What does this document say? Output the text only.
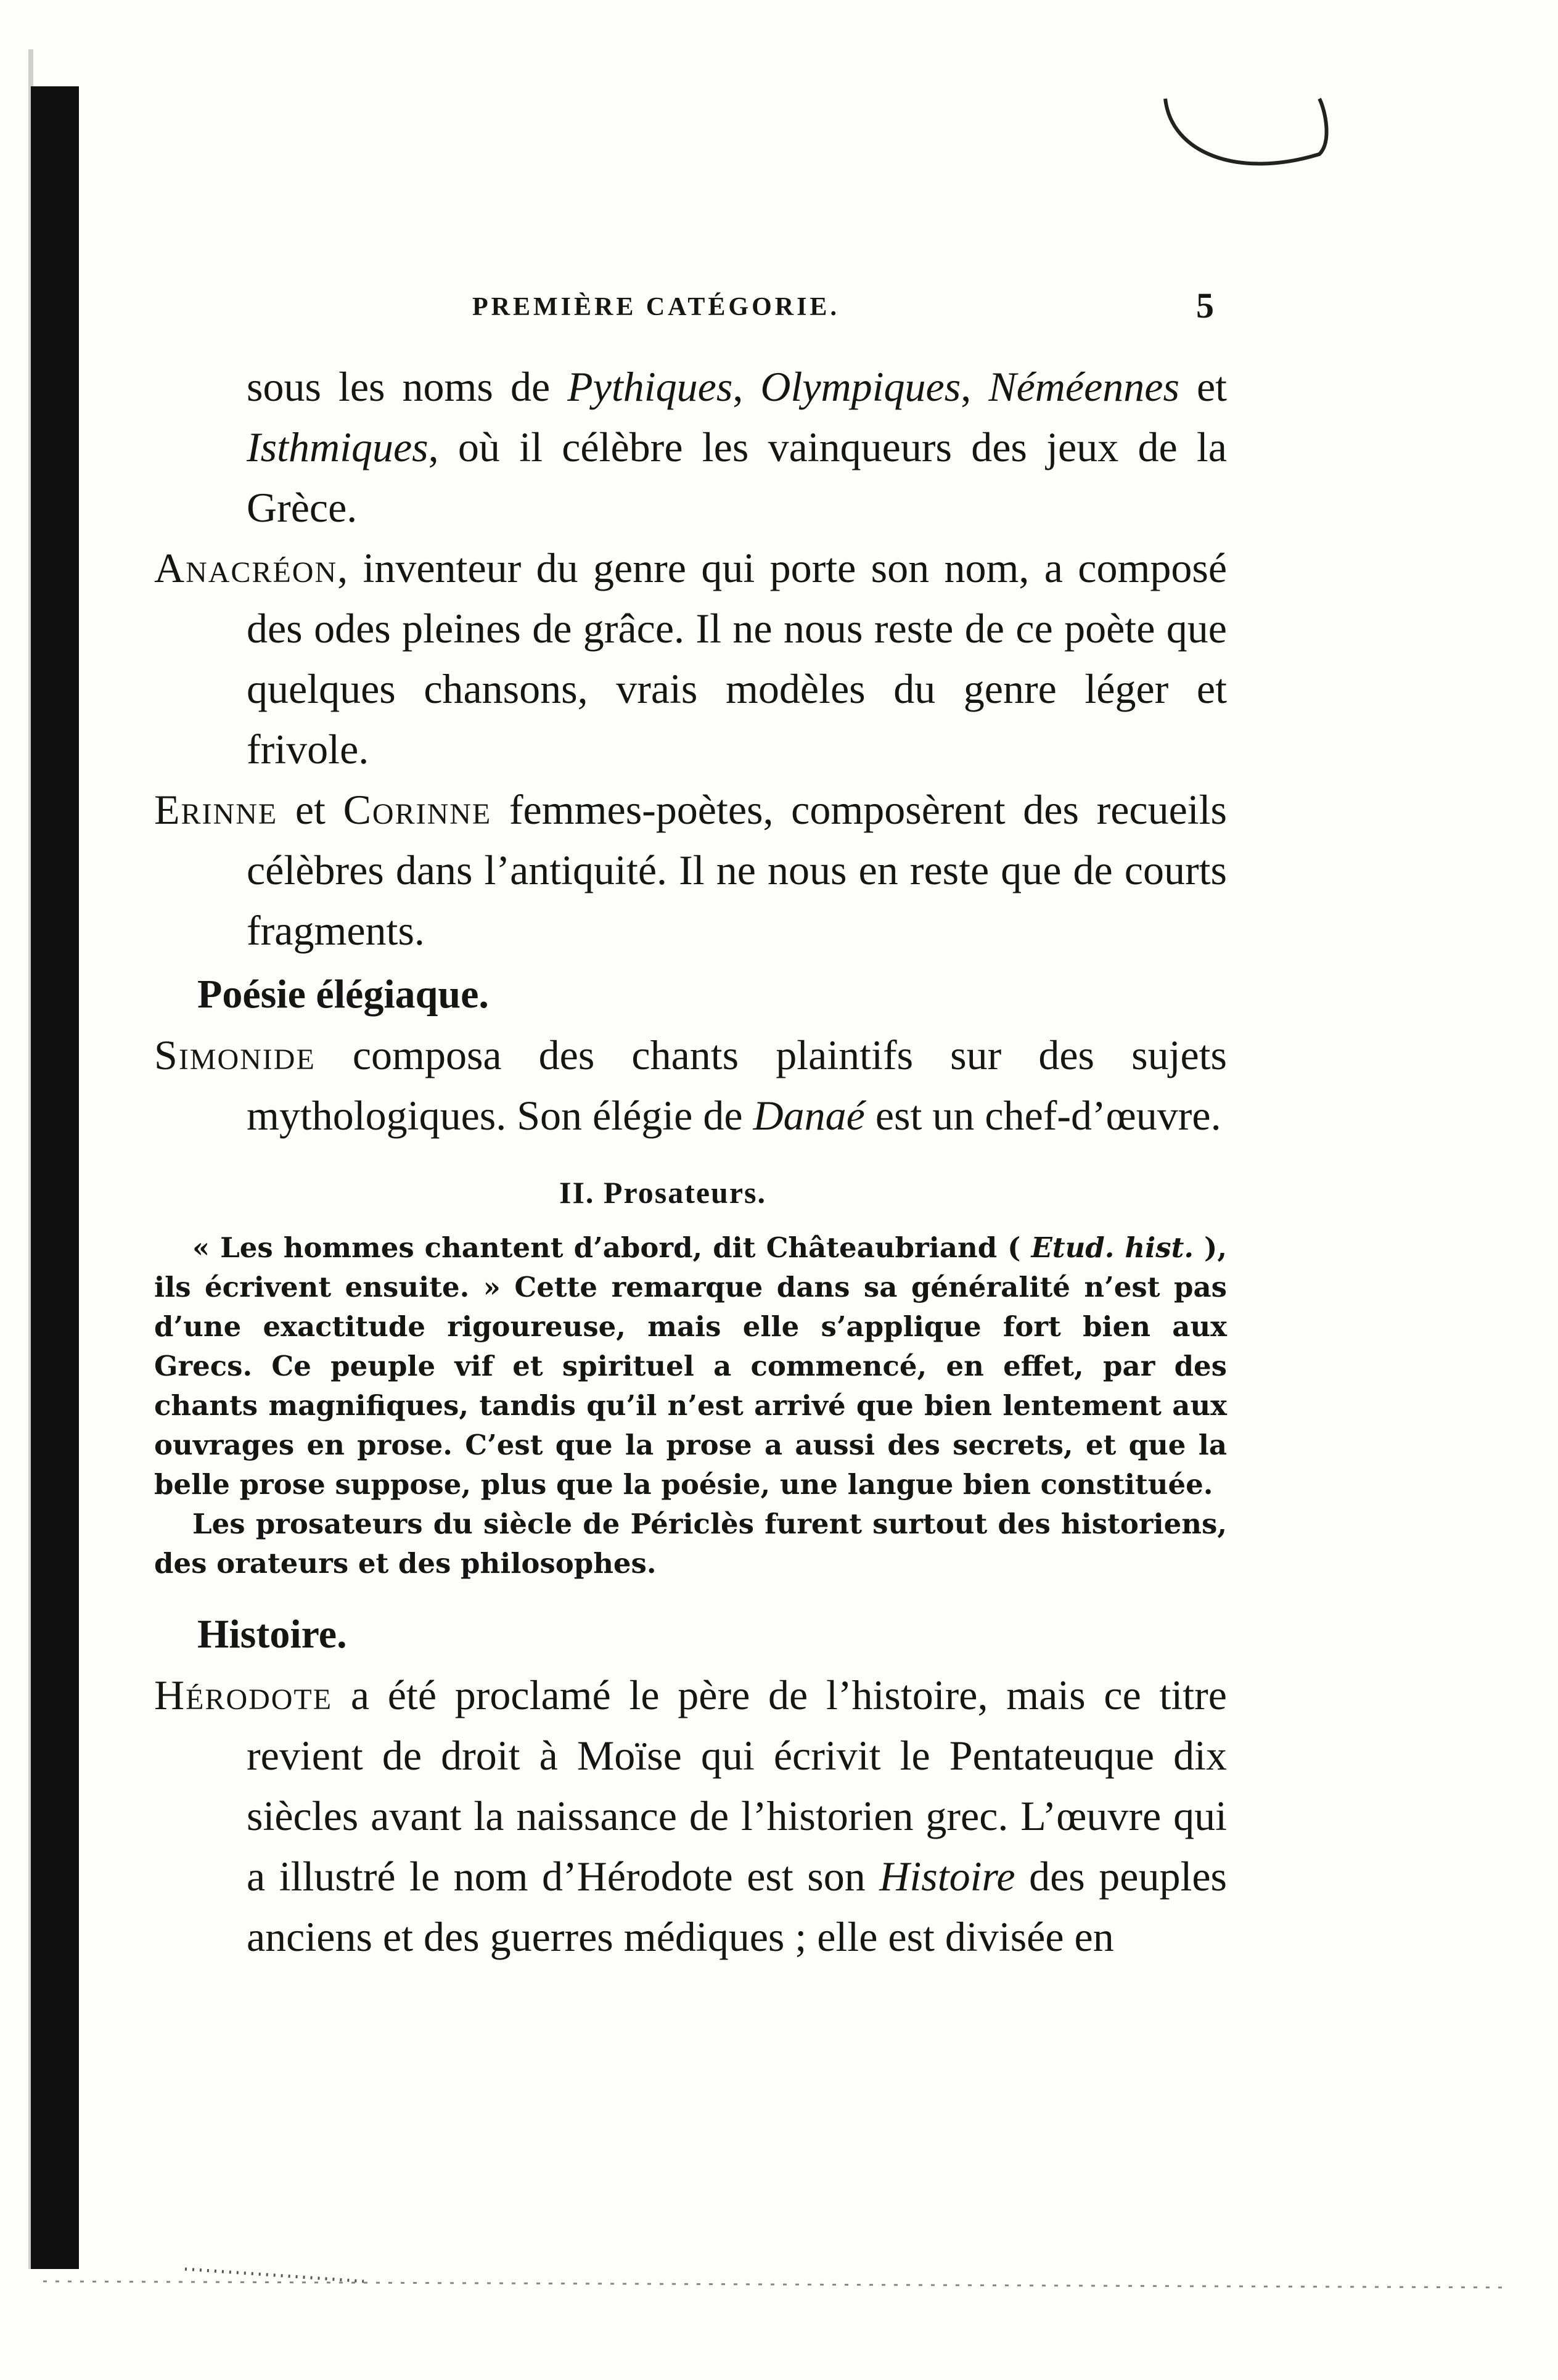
PREMIÈRE CATÉGORIE.	5

sous les noms de Pythiques, Olympiques, Néméennes et Isthmiques, où il célèbre les vainqueurs des jeux de la Grèce.

Anacréon, inventeur du genre qui porte son nom, a composé des odes pleines de grâce. Il ne nous reste de ce poète que quelques chansons, vrais modèles du genre léger et frivole.

Erinne et Corinne femmes-poètes, composèrent des recueils célèbres dans l’antiquité. Il ne nous en reste que de courts fragments.

Poésie élégiaque.

Simonide composa des chants plaintifs sur des sujets mythologiques. Son élégie de Danaé est un chef-d’œuvre.

II. Prosateurs.

« Les hommes chantent d’abord, dit Châteaubriand ( Etud. hist. ), ils écrivent ensuite. » Cette remarque dans sa généralité n’est pas d’une exactitude rigoureuse, mais elle s’applique fort bien aux Grecs. Ce peuple vif et spirituel a commencé, en effet, par des chants magnifiques, tandis qu’il n’est arrivé que bien lentement aux ouvrages en prose. C’est que la prose a aussi des secrets, et que la belle prose suppose, plus que la poésie, une langue bien constituée.

Les prosateurs du siècle de Périclès furent surtout des historiens, des orateurs et des philosophes.

Histoire.

Hérodote a été proclamé le père de l’histoire, mais ce titre revient de droit à Moïse qui écrivit le Pentateuque dix siècles avant la naissance de l’historien grec. L’œuvre qui a illustré le nom d’Hérodote est son Histoire des peuples anciens et des guerres médiques ; elle est divisée en
